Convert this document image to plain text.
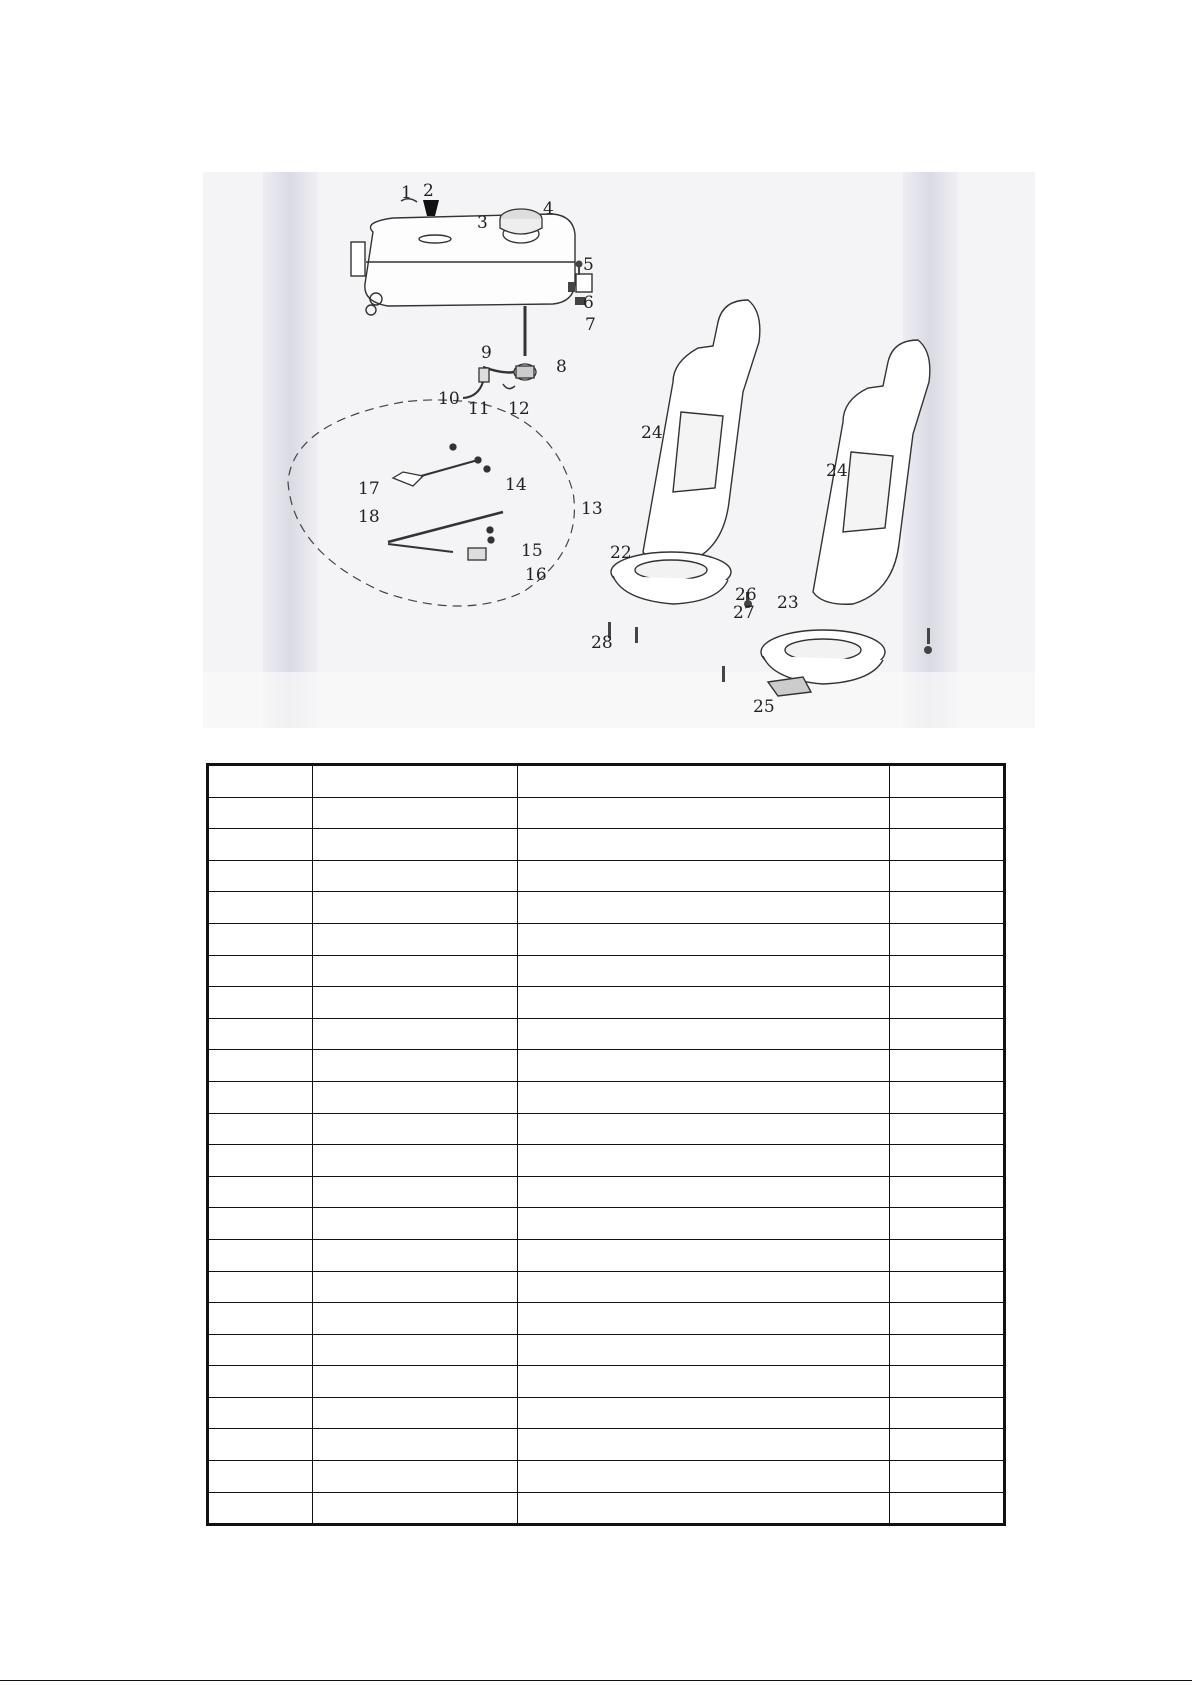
1 2
3
4
5
6
7
8
9
10 11 12
13
14
15
16
17
18
22
23
24
24
25
26
27
28
